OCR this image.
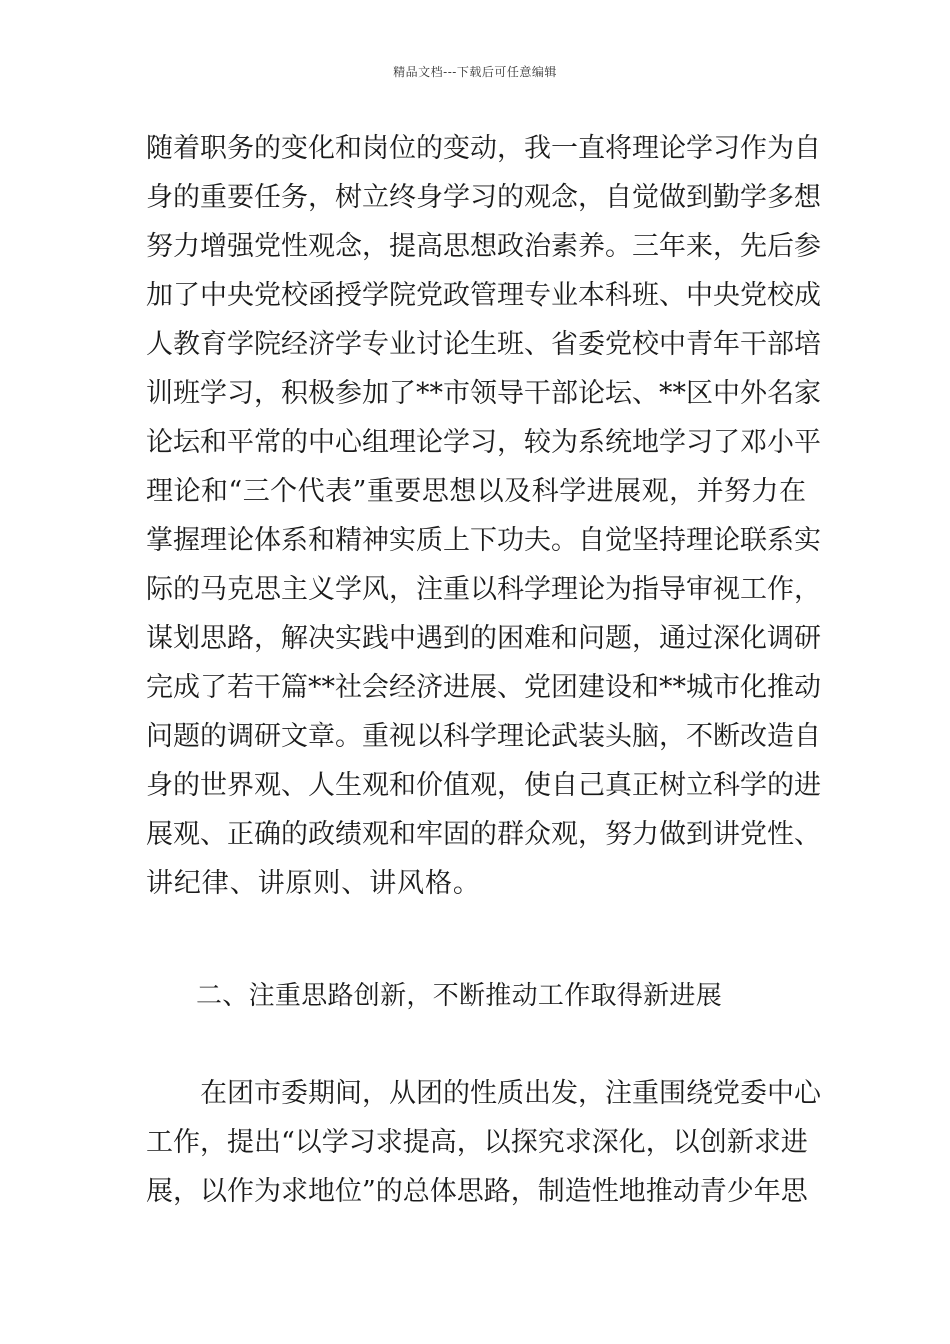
精品文档---下载后可任意编辑
随着职务的变化和岗位的变动，我一直将理论学习作为自
身的重要任务，树立终身学习的观念，自觉做到勤学多想
努力增强党性观念，提高思想政治素养。三年来，先后参
加了中央党校函授学院党政管理专业本科班、中央党校成
人教育学院经济学专业讨论生班、省委党校中青年干部培
训班学习，积极参加了**市领导干部论坛、**区中外名家
论坛和平常的中心组理论学习，较为系统地学习了邓小平
理论和“三个代表”重要思想以及科学进展观，并努力在
掌握理论体系和精神实质上下功夫。自觉坚持理论联系实
际的马克思主义学风，注重以科学理论为指导审视工作，
谋划思路，解决实践中遇到的困难和问题，通过深化调研
完成了若干篇**社会经济进展、党团建设和**城市化推动
问题的调研文章。重视以科学理论武装头脑，不断改造自
身的世界观、人生观和价值观，使自己真正树立科学的进
展观、正确的政绩观和牢固的群众观，努力做到讲党性、
讲纪律、讲原则、讲风格。
二、注重思路创新，不断推动工作取得新进展
在团市委期间，从团的性质出发，注重围绕党委中心
工作，提出“以学习求提高，以探究求深化，以创新求进
展，以作为求地位”的总体思路，制造性地推动青少年思
